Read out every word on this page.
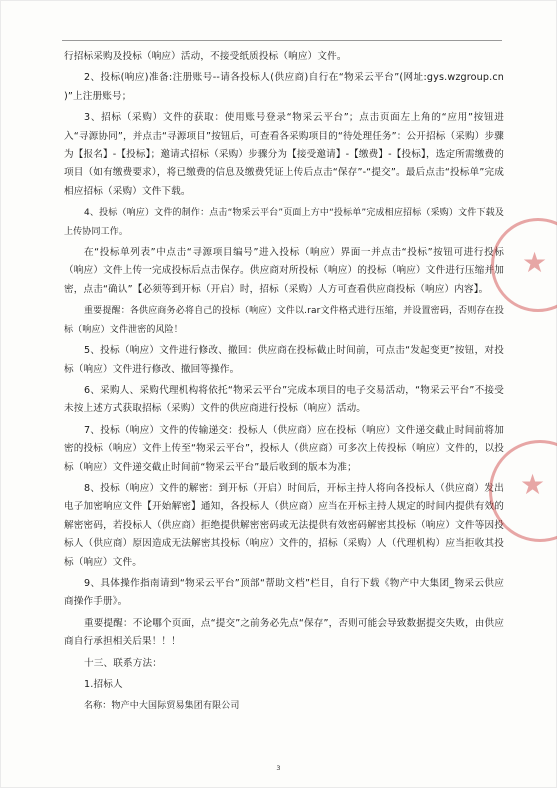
行招标采购及投标（响应）活动，不接受纸质投标（响应）文件。

2、投标(响应)准备:注册账号--请各投标人(供应商)自行在“物采云平台”(网址:gys.wzgroup.cn )”上注册账号；

3、招标（采购）文件的获取：使用账号登录“物采云平台”；点击页面左上角的“应用”按钮进入“寻源协同”，并点击“寻源项目”按钮后，可查看各采购项目的“待处理任务”：公开招标（采购）步骤为【报名】-【投标】；邀请式招标（采购）步骤分为【接受邀请】-【缴费】-【投标】，选定所需缴费的项目（如有缴费要求），将已缴费的信息及缴费凭证上传后点击“保存”-“提交”。最后点击“投标单”完成相应招标（采购）文件下载。

4、投标（响应）文件的制作：点击“物采云平台”页面上方中“投标单”完成相应招标（采购）文件下载及上传协同工作。

在“投标单列表”中点击“寻源项目编号”进入投标（响应）界面一并点击“投标”按钮可进行投标（响应）文件上传一完成投标后点击保存。供应商对所投标（响应）的投标（响应）文件进行压缩并加密，点击“确认”【必须等到开标（开启）时，招标（采购）人方可查看供应商投标（响应）内容】。

重要提醒：各供应商务必将自己的投标（响应）文件以.rar文件格式进行压缩，并设置密码，否则存在投标（响应）文件泄密的风险！

5、投标（响应）文件进行修改、撤回：供应商在投标截止时间前，可点击“发起变更”按钮，对投标（响应）文件进行修改、撤回等操作。

6、采购人、采购代理机构将依托“物采云平台”完成本项目的电子交易活动，“物采云平台”不接受未按上述方式获取招标（采购）文件的供应商进行投标（响应）活动。

7、投标（响应）文件的传输递交：投标人（供应商）应在投标（响应）文件递交截止时间前将加密的投标（响应）文件上传至“物采云平台”，投标人（供应商）可多次上传投标（响应）文件的，以投标（响应）文件递交截止时间前“物采云平台”最后收到的版本为准；

8、投标（响应）文件的解密：到开标（开启）时间后，开标主持人将向各投标人（供应商）发出电子加密响应文件【开始解密】通知，各投标人（供应商）应当在开标主持人规定的时间内提供有效的解密密码，若投标人（供应商）拒绝提供解密密码或无法提供有效密码解密其投标（响应）文件等因投标人（供应商）原因造成无法解密其投标（响应）文件的，招标（采购）人（代理机构）应当拒收其投标（响应）文件。

9、具体操作指南请到“物采云平台”顶部“帮助文档”栏目，自行下载《物产中大集团_物采云供应商操作手册》。

重要提醒：不论哪个页面，点“提交”之前务必先点“保存”，否则可能会导致数据提交失败，由供应商自行承担相关后果！！！

十三、联系方法：

1.招标人

名称：物产中大国际贸易集团有限公司

★
★
3
